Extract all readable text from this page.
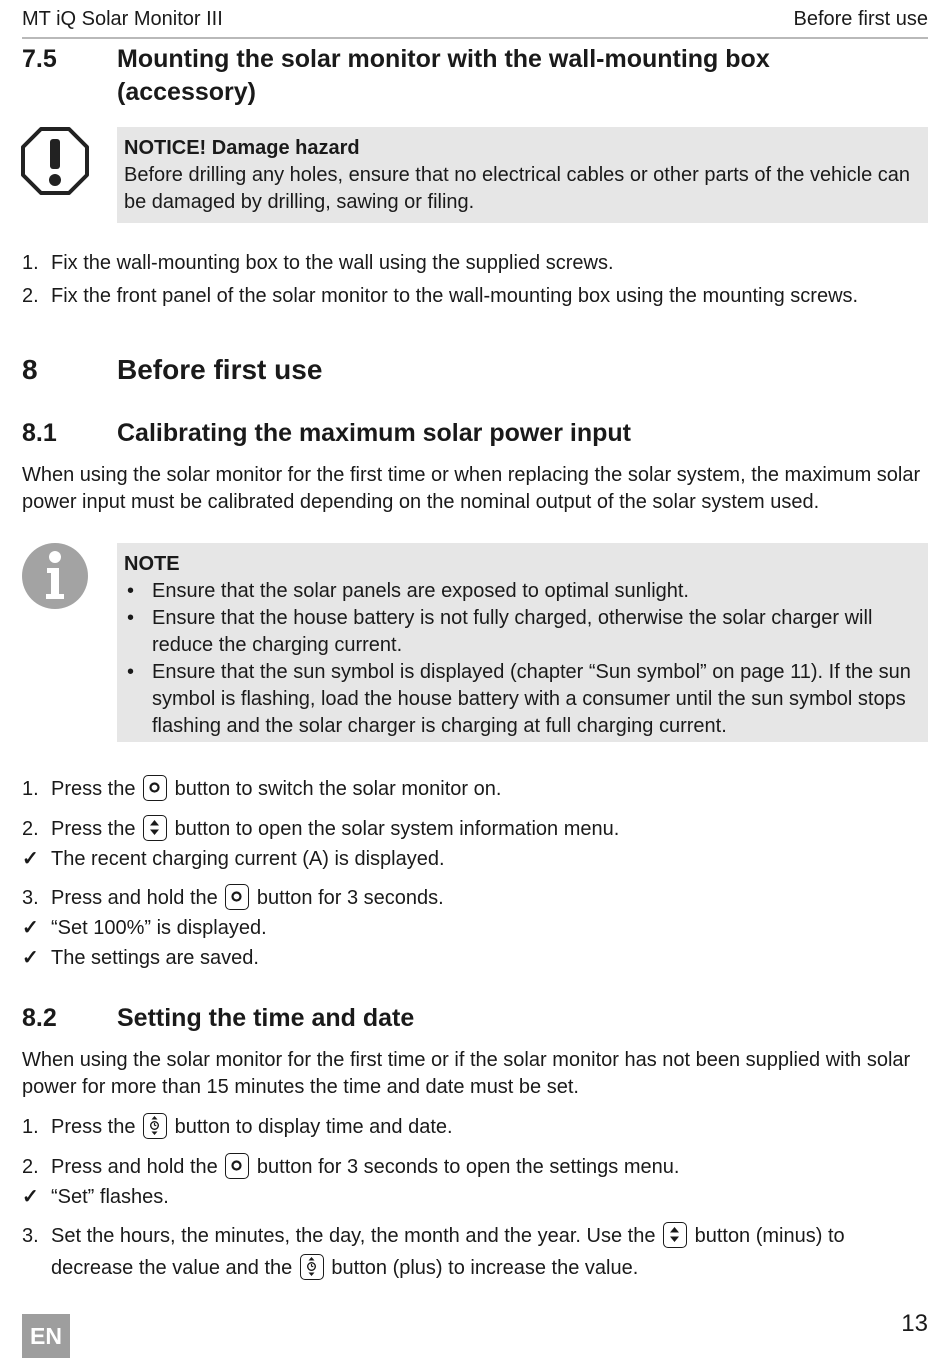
MT iQ Solar Monitor III	Before first use
7.5 Mounting the solar monitor with the wall-mounting box (accessory)
NOTICE! Damage hazard
Before drilling any holes, ensure that no electrical cables or other parts of the vehicle can be damaged by drilling, sawing or filing.
1. Fix the wall-mounting box to the wall using the supplied screws.
2. Fix the front panel of the solar monitor to the wall-mounting box using the mounting screws.
8	Before first use
8.1 Calibrating the maximum solar power input
When using the solar monitor for the first time or when replacing the solar system, the maximum solar power input must be calibrated depending on the nominal output of the solar system used.
NOTE
• Ensure that the solar panels are exposed to optimal sunlight.
• Ensure that the house battery is not fully charged, otherwise the solar charger will reduce the charging current.
• Ensure that the sun symbol is displayed (chapter “Sun symbol” on page 11). If the sun symbol is flashing, load the house battery with a consumer until the sun symbol stops flashing and the solar charger is charging at full charging current.
1. Press the button to switch the solar monitor on.
2. Press the button to open the solar system information menu.
✓ The recent charging current (A) is displayed.
3. Press and hold the button for 3 seconds.
✓ “Set 100%” is displayed.
✓ The settings are saved.
8.2 Setting the time and date
When using the solar monitor for the first time or if the solar monitor has not been supplied with solar power for more than 15 minutes the time and date must be set.
1. Press the button to display time and date.
2. Press and hold the button for 3 seconds to open the settings menu.
✓ “Set” flashes.
3. Set the hours, the minutes, the day, the month and the year. Use the button (minus) to decrease the value and the button (plus) to increase the value.
EN	13
